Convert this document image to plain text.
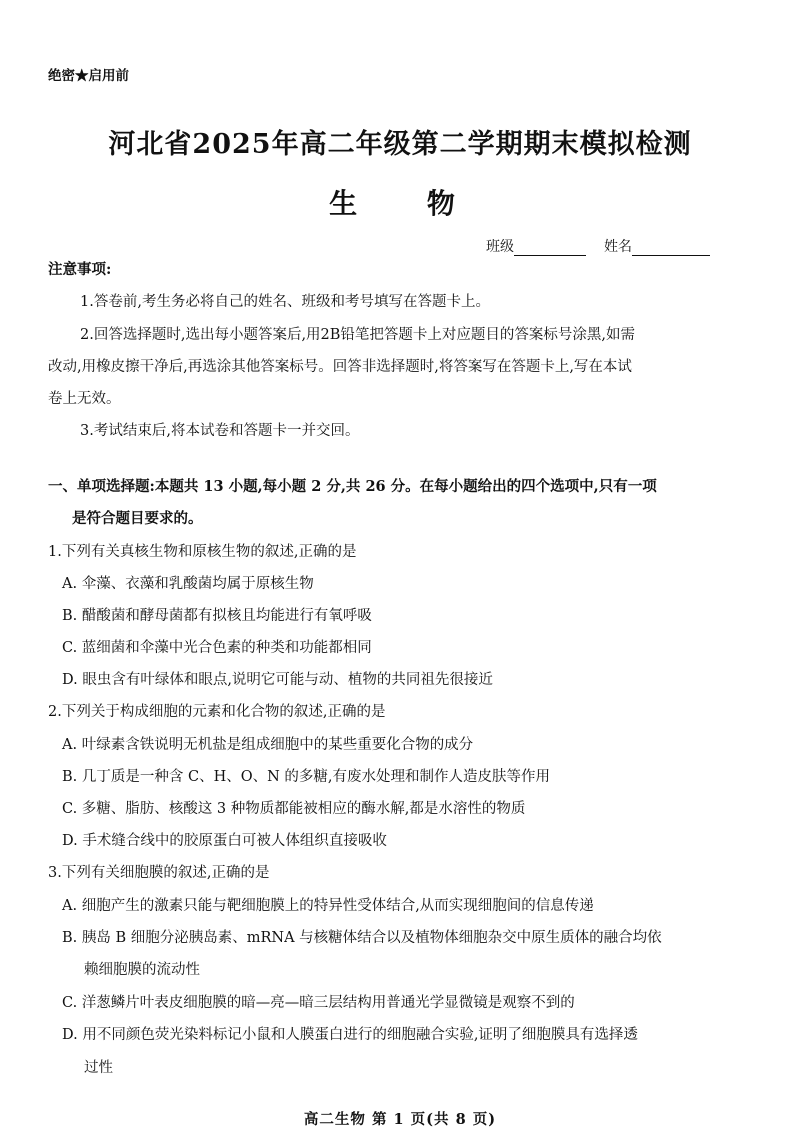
绝密★启用前
河北省2025年高二年级第二学期期末模拟检测
生 物
班级	姓名
注意事项:
1.答卷前,考生务必将自己的姓名、班级和考号填写在答题卡上。
2.回答选择题时,选出每小题答案后,用2B铅笔把答题卡上对应题目的答案标号涂黑,如需
改动,用橡皮擦干净后,再选涂其他答案标号。回答非选择题时,将答案写在答题卡上,写在本试
卷上无效。
3.考试结束后,将本试卷和答题卡一并交回。
一、单项选择题:本题共 13 小题,每小题 2 分,共 26 分。在每小题给出的四个选项中,只有一项
是符合题目要求的。
1.下列有关真核生物和原核生物的叙述,正确的是
A. 伞藻、衣藻和乳酸菌均属于原核生物
B. 醋酸菌和酵母菌都有拟核且均能进行有氧呼吸
C. 蓝细菌和伞藻中光合色素的种类和功能都相同
D. 眼虫含有叶绿体和眼点,说明它可能与动、植物的共同祖先很接近
2.下列关于构成细胞的元素和化合物的叙述,正确的是
A. 叶绿素含铁说明无机盐是组成细胞中的某些重要化合物的成分
B. 几丁质是一种含 C、H、O、N 的多糖,有废水处理和制作人造皮肤等作用
C. 多糖、脂肪、核酸这 3 种物质都能被相应的酶水解,都是水溶性的物质
D. 手术缝合线中的胶原蛋白可被人体组织直接吸收
3.下列有关细胞膜的叙述,正确的是
A. 细胞产生的激素只能与靶细胞膜上的特异性受体结合,从而实现细胞间的信息传递
B. 胰岛 B 细胞分泌胰岛素、mRNA 与核糖体结合以及植物体细胞杂交中原生质体的融合均依
赖细胞膜的流动性
C. 洋葱鳞片叶表皮细胞膜的暗—亮—暗三层结构用普通光学显微镜是观察不到的
D. 用不同颜色荧光染料标记小鼠和人膜蛋白进行的细胞融合实验,证明了细胞膜具有选择透
过性
高二生物 第 1 页(共 8 页)
